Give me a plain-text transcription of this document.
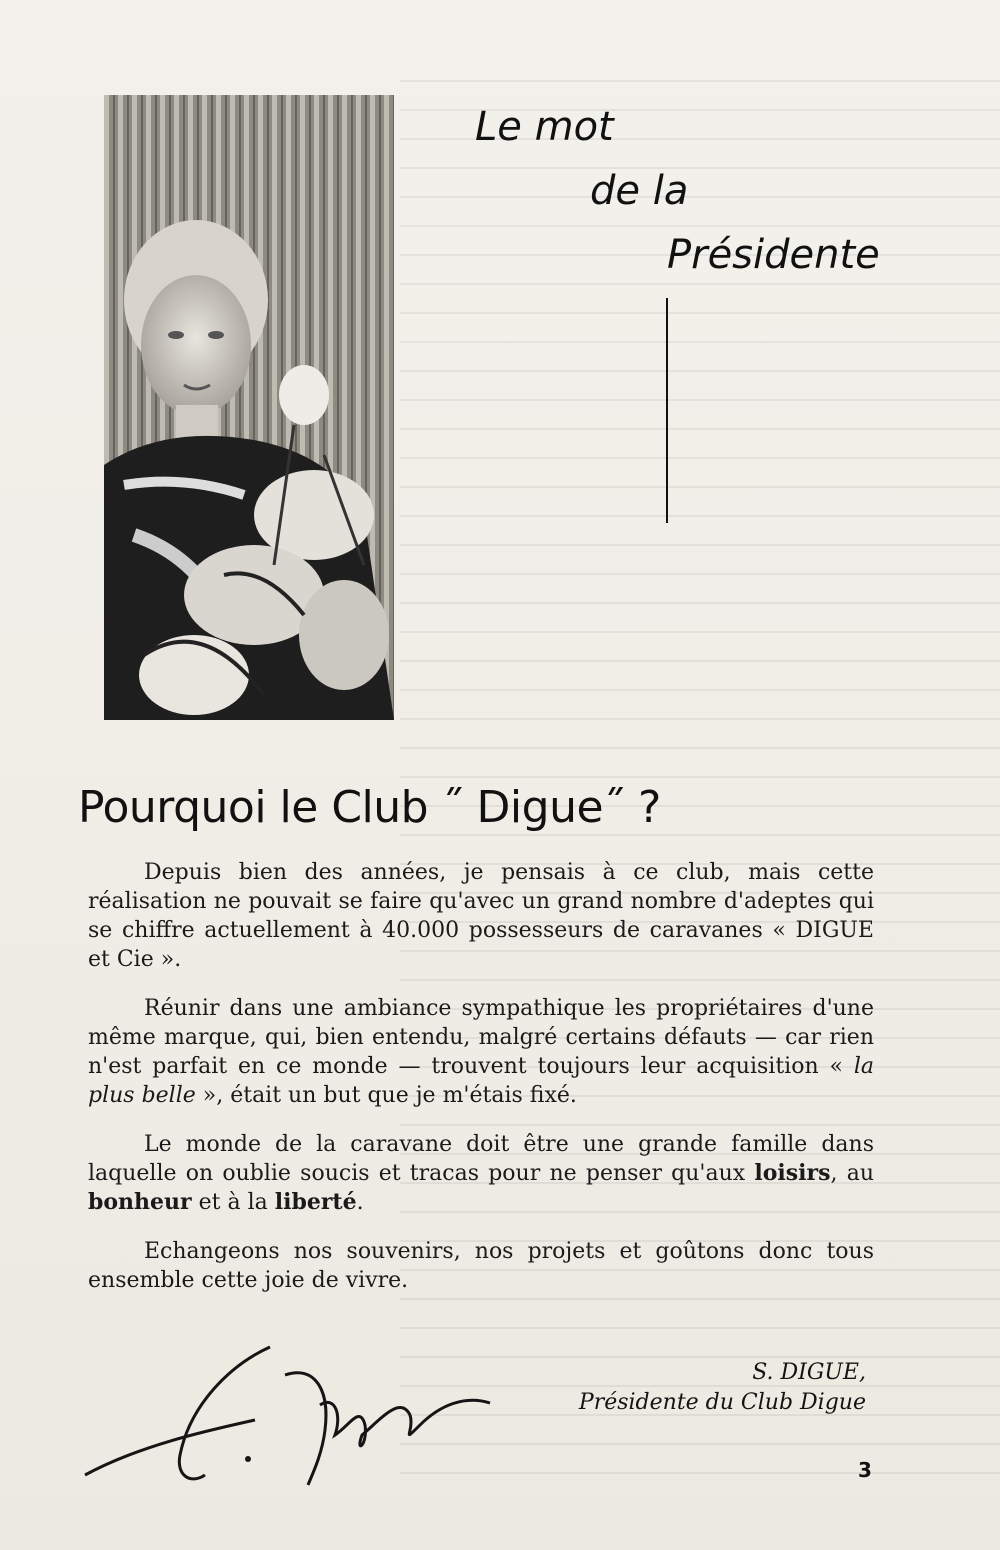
Le mot
de la
Présidente
Pourquoi le Club ˝ Digue˝ ?

Depuis bien des années, je pensais à ce club, mais cette réalisation ne pouvait se faire qu'avec un grand nombre d'adeptes qui se chiffre actuellement à 40.000 possesseurs de caravanes « DIGUE et Cie ».

Réunir dans une ambiance sympathique les propriétaires d'une même marque, qui, bien entendu, malgré certains défauts — car rien n'est parfait en ce monde — trouvent toujours leur acquisition « la plus belle », était un but que je m'étais fixé.

Le monde de la caravane doit être une grande famille dans laquelle on oublie soucis et tracas pour ne penser qu'aux loisirs, au bonheur et à la liberté.

Echangeons nos souvenirs, nos projets et goûtons donc tous ensemble cette joie de vivre.

S. DIGUE,
Présidente du Club Digue
3
